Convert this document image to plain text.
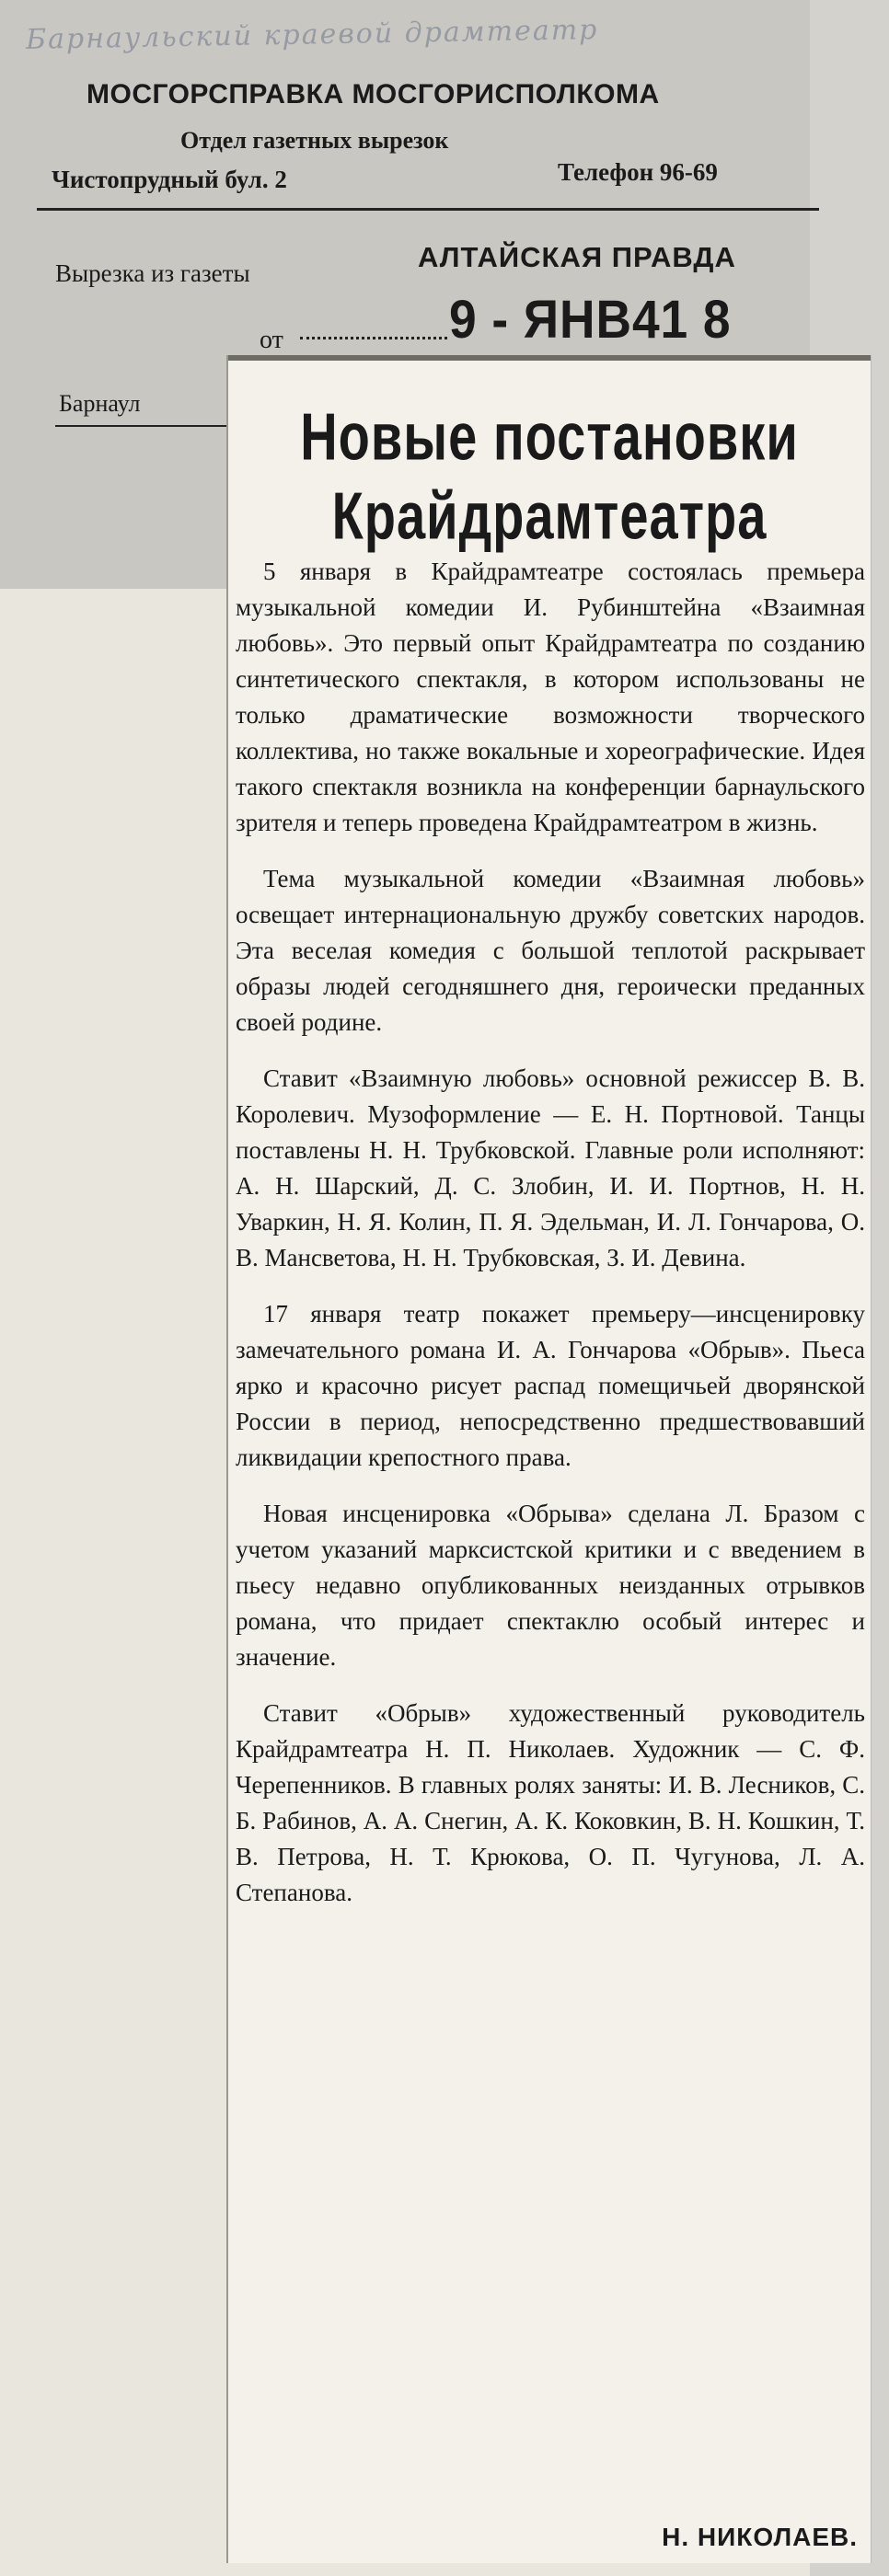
Барнаульский краевой драмтеатр
МОСГОРСПРАВКА МОСГОРИСПОЛКОМА
Отдел газетных вырезок
Чистопрудный бул. 2	Телефон 96-69
Вырезка из газеты	АЛТАЙСКАЯ ПРАВДА
от	9 - ЯНВ41 8
Барнаул	Новые постановки
Крайдрамтеатра

5 января в Крайдрамтеатре состоялась премьера музыкальной комедии И. Рубинштейна «Взаимная любовь». Это первый опыт Крайдрамтеатра по созданию синтетического спектакля, в котором использованы не только драматические возможности творческого коллектива, но также вокальные и хореографические. Идея такого спектакля возникла на конференции барнаульского зрителя и теперь проведена Крайдрамтеатром в жизнь.

Тема музыкальной комедии «Взаимная любовь» освещает интернациональную дружбу советских народов. Эта веселая комедия с большой теплотой раскрывает образы людей сегодняшнего дня, героически преданных своей родине.

Ставит «Взаимную любовь» основной режиссер В. В. Королевич. Музоформление — Е. Н. Портновой. Танцы поставлены Н. Н. Трубковской. Главные роли исполняют: А. Н. Шарский, Д. С. Злобин, И. И. Портнов, Н. Н. Уваркин, Н. Я. Колин, П. Я. Эдельман, И. Л. Гончарова, О. В. Мансветова, Н. Н. Трубковская, З. И. Девина.

17 января театр покажет премьеру—инсценировку замечательного романа И. А. Гончарова «Обрыв». Пьеса ярко и красочно рисует распад помещичьей дворянской России в период, непосредственно предшествовавший ликвидации крепостного права.

Новая инсценировка «Обрыва» сделана Л. Бразом с учетом указаний марксистской критики и с введением в пьесу недавно опубликованных неизданных отрывков романа, что придает спектаклю особый интерес и значение.

Ставит «Обрыв» художественный руководитель Крайдрамтеатра Н. П. Николаев. Художник — С. Ф. Черепенников. В главных ролях заняты: И. В. Лесников, С. Б. Рабинов, А. А. Снегин, А. К. Коковкин, В. Н. Кошкин, Т. В. Петрова, Н. Т. Крюкова, О. П. Чугунова, Л. А. Степанова.

Н. НИКОЛАЕВ.
